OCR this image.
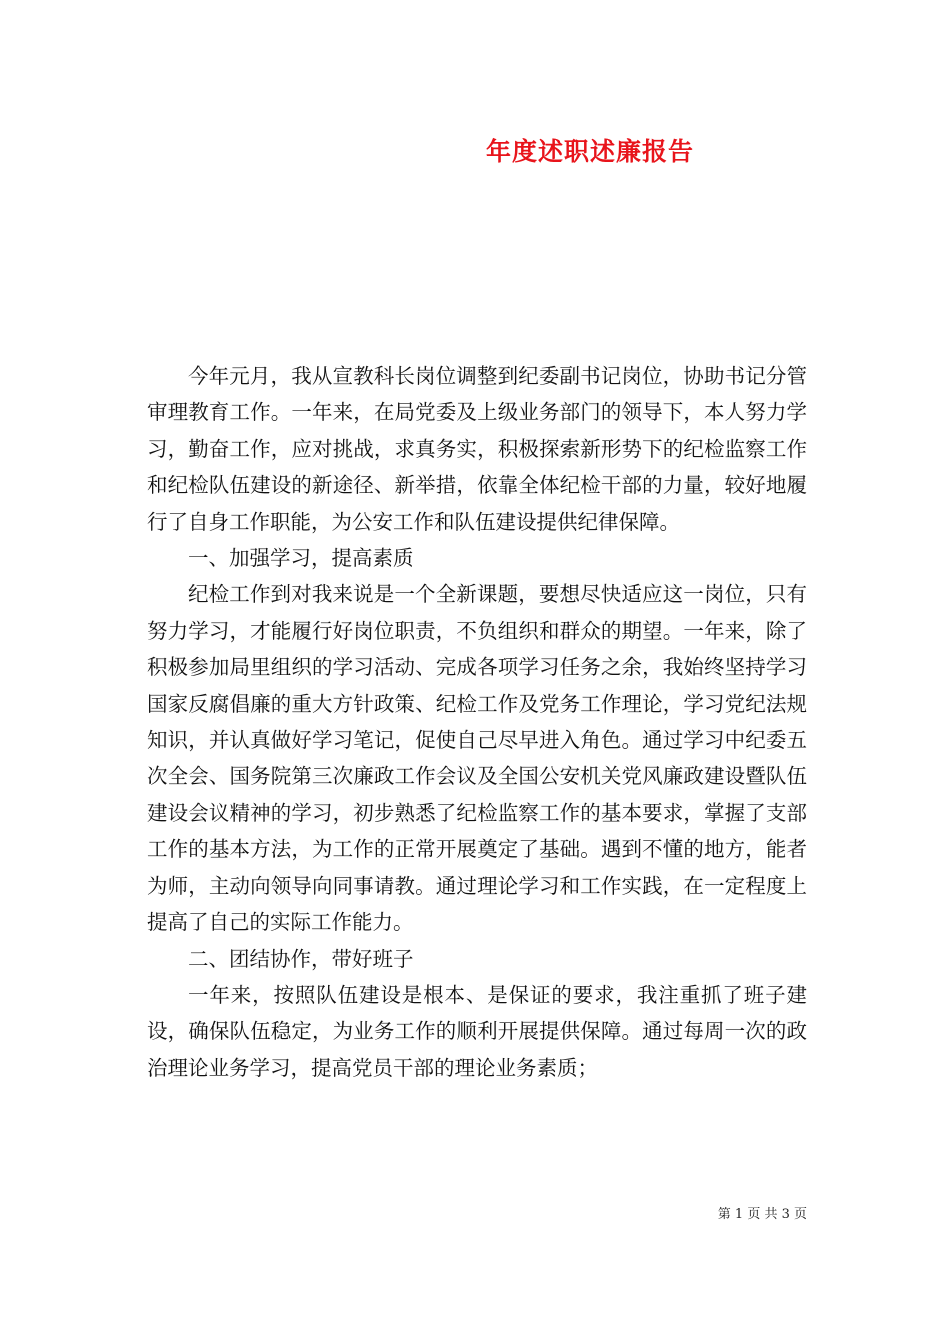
年度述职述廉报告

今年元月，我从宣教科长岗位调整到纪委副书记岗位，协助书记分管审理教育工作。一年来，在局党委及上级业务部门的领导下，本人努力学习，勤奋工作，应对挑战，求真务实，积极探索新形势下的纪检监察工作和纪检队伍建设的新途径、新举措，依靠全体纪检干部的力量，较好地履行了自身工作职能，为公安工作和队伍建设提供纪律保障。

一、加强学习，提高素质

纪检工作到对我来说是一个全新课题，要想尽快适应这一岗位，只有努力学习，才能履行好岗位职责，不负组织和群众的期望。一年来，除了积极参加局里组织的学习活动、完成各项学习任务之余，我始终坚持学习国家反腐倡廉的重大方针政策、纪检工作及党务工作理论，学习党纪法规知识，并认真做好学习笔记，促使自己尽早进入角色。通过学习中纪委五次全会、国务院第三次廉政工作会议及全国公安机关党风廉政建设暨队伍建设会议精神的学习，初步熟悉了纪检监察工作的基本要求，掌握了支部工作的基本方法，为工作的正常开展奠定了基础。遇到不懂的地方，能者为师，主动向领导向同事请教。通过理论学习和工作实践，在一定程度上提高了自己的实际工作能力。

二、团结协作，带好班子

一年来，按照队伍建设是根本、是保证的要求，我注重抓了班子建设，确保队伍稳定，为业务工作的顺利开展提供保障。通过每周一次的政治理论业务学习，提高党员干部的理论业务素质；

第 1 页 共 3 页
